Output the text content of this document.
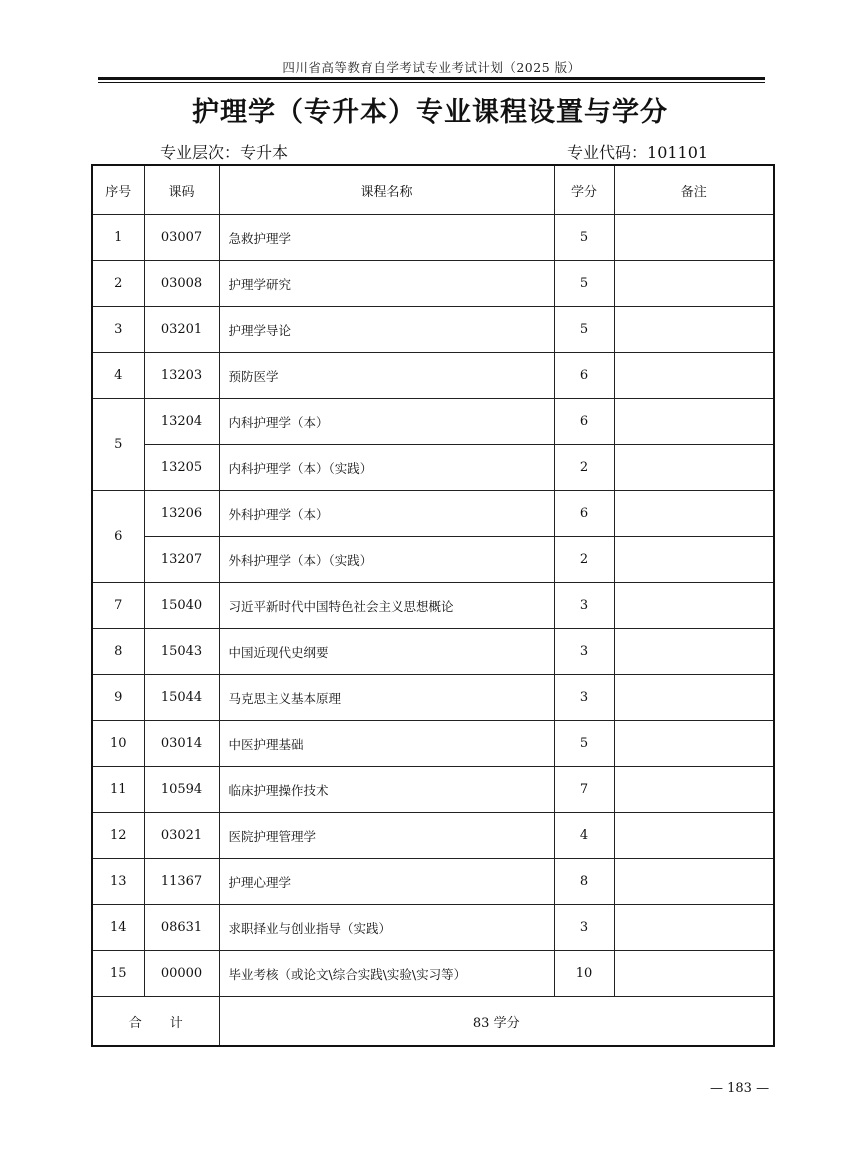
四川省高等教育自学考试专业考试计划（2025 版）
护理学（专升本）专业课程设置与学分
专业层次：专升本	专业代码：101101
序号	课码	课程名称	学分	备注
1	03007	急救护理学	5	
2	03008	护理学研究	5	
3	03201	护理学导论	5	
4	13203	预防医学	6	
5	13204	内科护理学（本）	6	
	13205	内科护理学（本）（实践）	2	
6	13206	外科护理学（本）	6	
	13207	外科护理学（本）（实践）	2	
7	15040	习近平新时代中国特色社会主义思想概论	3	
8	15043	中国近现代史纲要	3	
9	15044	马克思主义基本原理	3	
10	03014	中医护理基础	5	
11	10594	临床护理操作技术	7	
12	03021	医院护理管理学	4	
13	11367	护理心理学	8	
14	08631	求职择业与创业指导（实践）	3	
15	00000	毕业考核（或论文\综合实践\实验\实习等）	10	
合计		83 学分		
— 183 —
